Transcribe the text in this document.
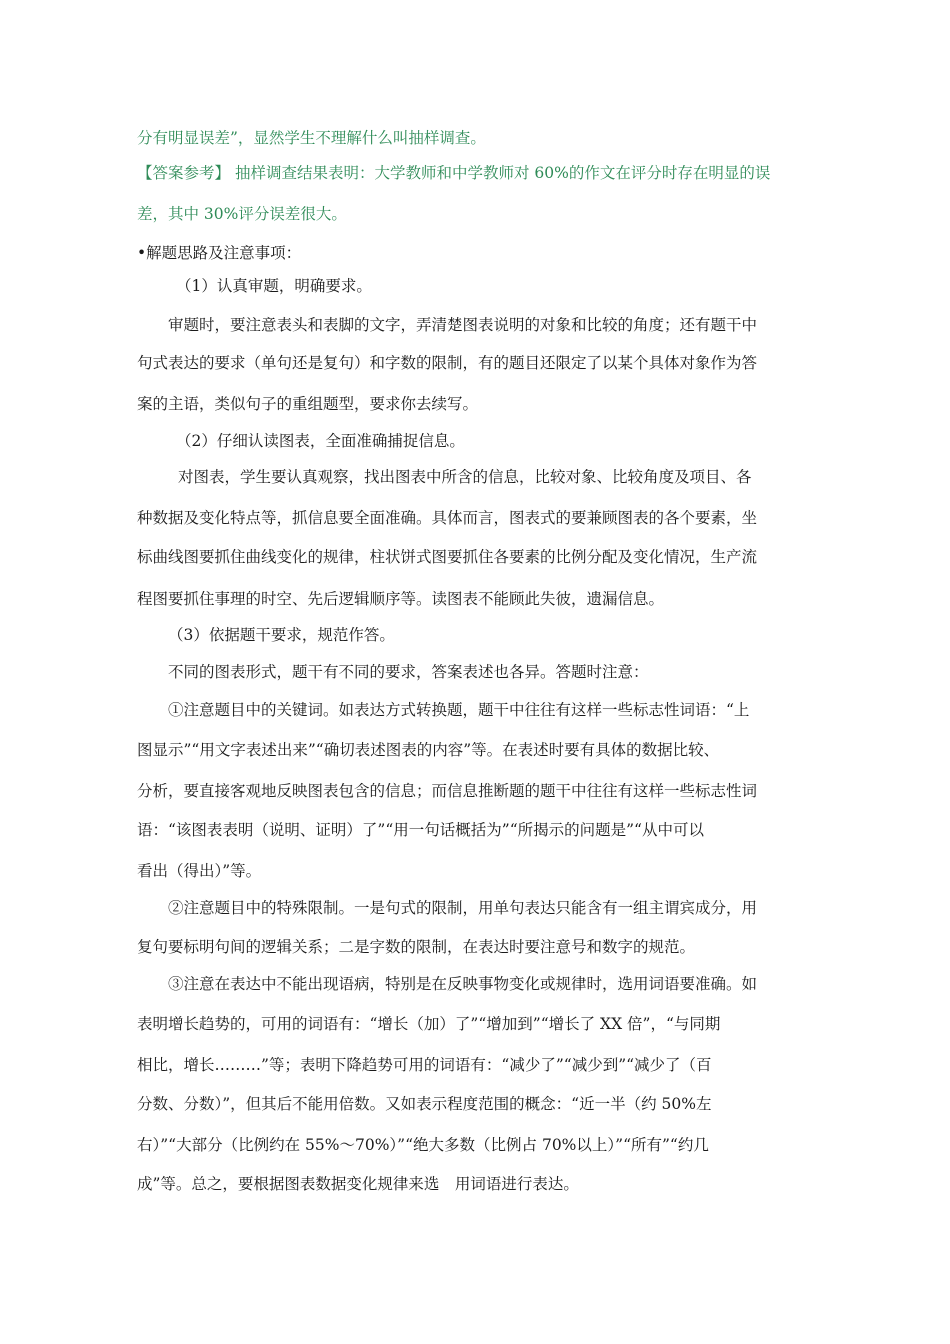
分有明显误差”，显然学生不理解什么叫抽样调查。
【答案参考】 抽样调查结果表明：大学教师和中学教师对 60%的作文在评分时存在明显的误
差，其中 30%评分误差很大。
•解题思路及注意事项：
（1）认真审题，明确要求。
审题时，要注意表头和表脚的文字，弄清楚图表说明的对象和比较的角度；还有题干中
句式表达的要求（单句还是复句）和字数的限制，有的题目还限定了以某个具体对象作为答
案的主语，类似句子的重组题型，要求你去续写。
（2）仔细认读图表，全面准确捕捉信息。
对图表，学生要认真观察，找出图表中所含的信息，比较对象、比较角度及项目、各
种数据及变化特点等，抓信息要全面准确。具体而言，图表式的要兼顾图表的各个要素，坐
标曲线图要抓住曲线变化的规律，柱状饼式图要抓住各要素的比例分配及变化情况，生产流
程图要抓住事理的时空、先后逻辑顺序等。读图表不能顾此失彼，遗漏信息。
（3）依据题干要求，规范作答。
不同的图表形式，题干有不同的要求，答案表述也各异。答题时注意：
①注意题目中的关键词。如表达方式转换题，题干中往往有这样一些标志性词语：“上
图显示”“用文字表述出来”“确切表述图表的内容”等。在表述时要有具体的数据比较、
分析，要直接客观地反映图表包含的信息；而信息推断题的题干中往往有这样一些标志性词
语：“该图表表明（说明、证明）了”“用一句话概括为”“所揭示的问题是”“从中可以
看出（得出）”等。
②注意题目中的特殊限制。一是句式的限制，用单句表达只能含有一组主谓宾成分，用
复句要标明句间的逻辑关系；二是字数的限制，在表达时要注意号和数字的规范。
③注意在表达中不能出现语病，特别是在反映事物变化或规律时，选用词语要准确。如
表明增长趋势的，可用的词语有：“增长（加）了”“增加到”“增长了 XX 倍”，“与同期
相比，增长………”等；表明下降趋势可用的词语有：“减少了”“减少到”“减少了（百
分数、分数）”，但其后不能用倍数。又如表示程度范围的概念：“近一半（约 50%左
右）”“大部分（比例约在 55%～70%）”“绝大多数（比例占 70%以上）”“所有”“约几
成”等。总之，要根据图表数据变化规律来选　用词语进行表达。
